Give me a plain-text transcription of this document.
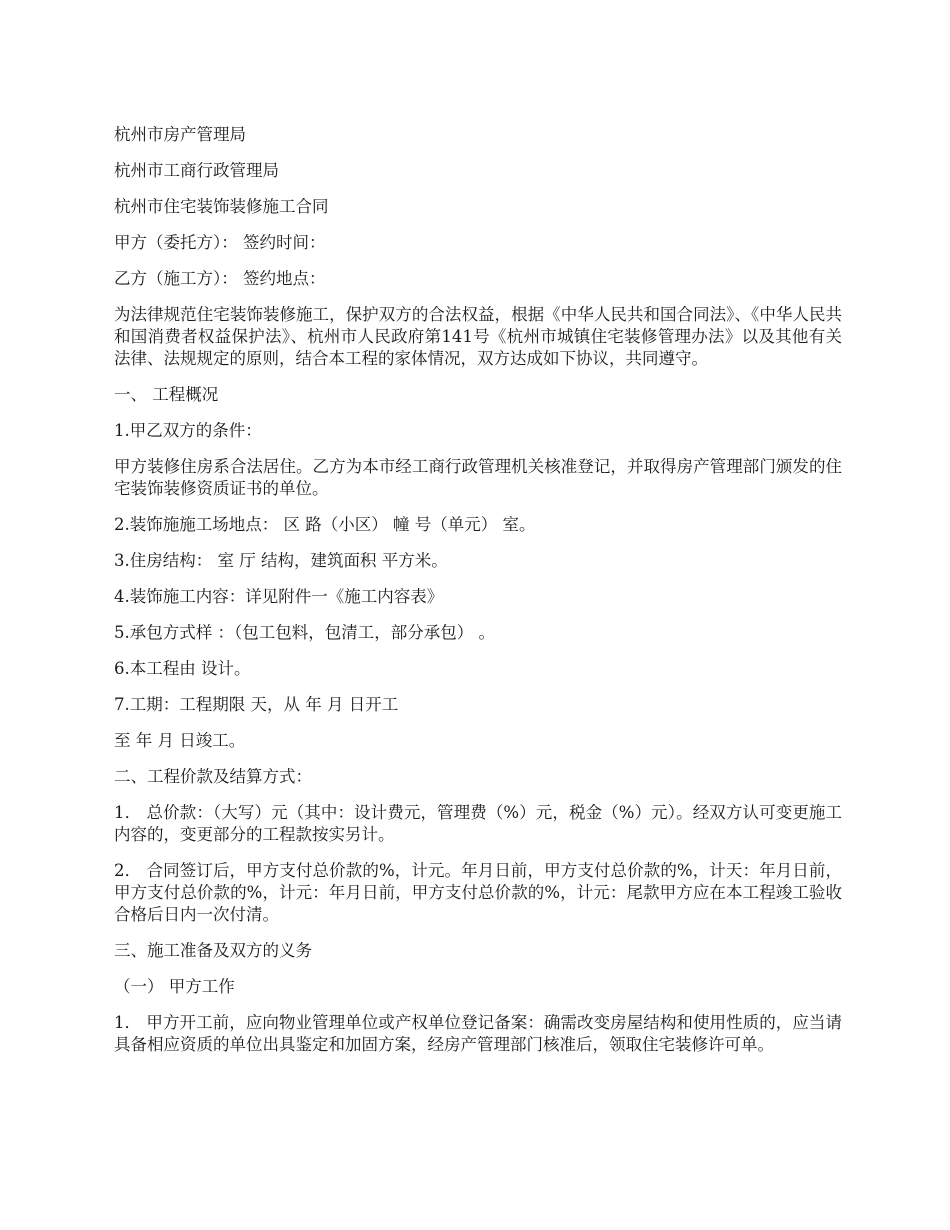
杭州市房产管理局

杭州市工商行政管理局

杭州市住宅装饰装修施工合同

甲方（委托方）： 签约时间：

乙方（施工方）： 签约地点：

为法律规范住宅装饰装修施工，保护双方的合法权益，根据《中华人民共和国合同法》、《中华人民共和国消费者权益保护法》、杭州市人民政府第141号《杭州市城镇住宅装修管理办法》以及其他有关法律、法规规定的原则，结合本工程的家体情况，双方达成如下协议，共同遵守。

一、 工程概况

1.甲乙双方的条件：

甲方装修住房系合法居住。乙方为本市经工商行政管理机关核准登记，并取得房产管理部门颁发的住宅装饰装修资质证书的单位。

2.装饰施施工场地点： 区 路（小区） 幢 号（单元） 室。

3.住房结构： 室 厅 结构，建筑面积 平方米。

4.装饰施工内容：详见附件一《施工内容表》

5.承包方式样 ：（包工包料，包清工，部分承包） 。

6.本工程由 设计。

7.工期：工程期限 天，从 年 月 日开工

至 年 月 日竣工。

二、工程价款及结算方式：

1． 总价款：（大写）元（其中：设计费元，管理费（%）元，税金（%）元）。经双方认可变更施工内容的，变更部分的工程款按实另计。

2． 合同签订后，甲方支付总价款的%，计元。年月日前，甲方支付总价款的%，计天：年月日前，甲方支付总价款的%，计元：年月日前，甲方支付总价款的%，计元：尾款甲方应在本工程竣工验收合格后日内一次付清。

三、施工准备及双方的义务

（一） 甲方工作

1． 甲方开工前，应向物业管理单位或产权单位登记备案：确需改变房屋结构和使用性质的，应当请具备相应资质的单位出具鉴定和加固方案，经房产管理部门核准后，领取住宅装修许可单。
